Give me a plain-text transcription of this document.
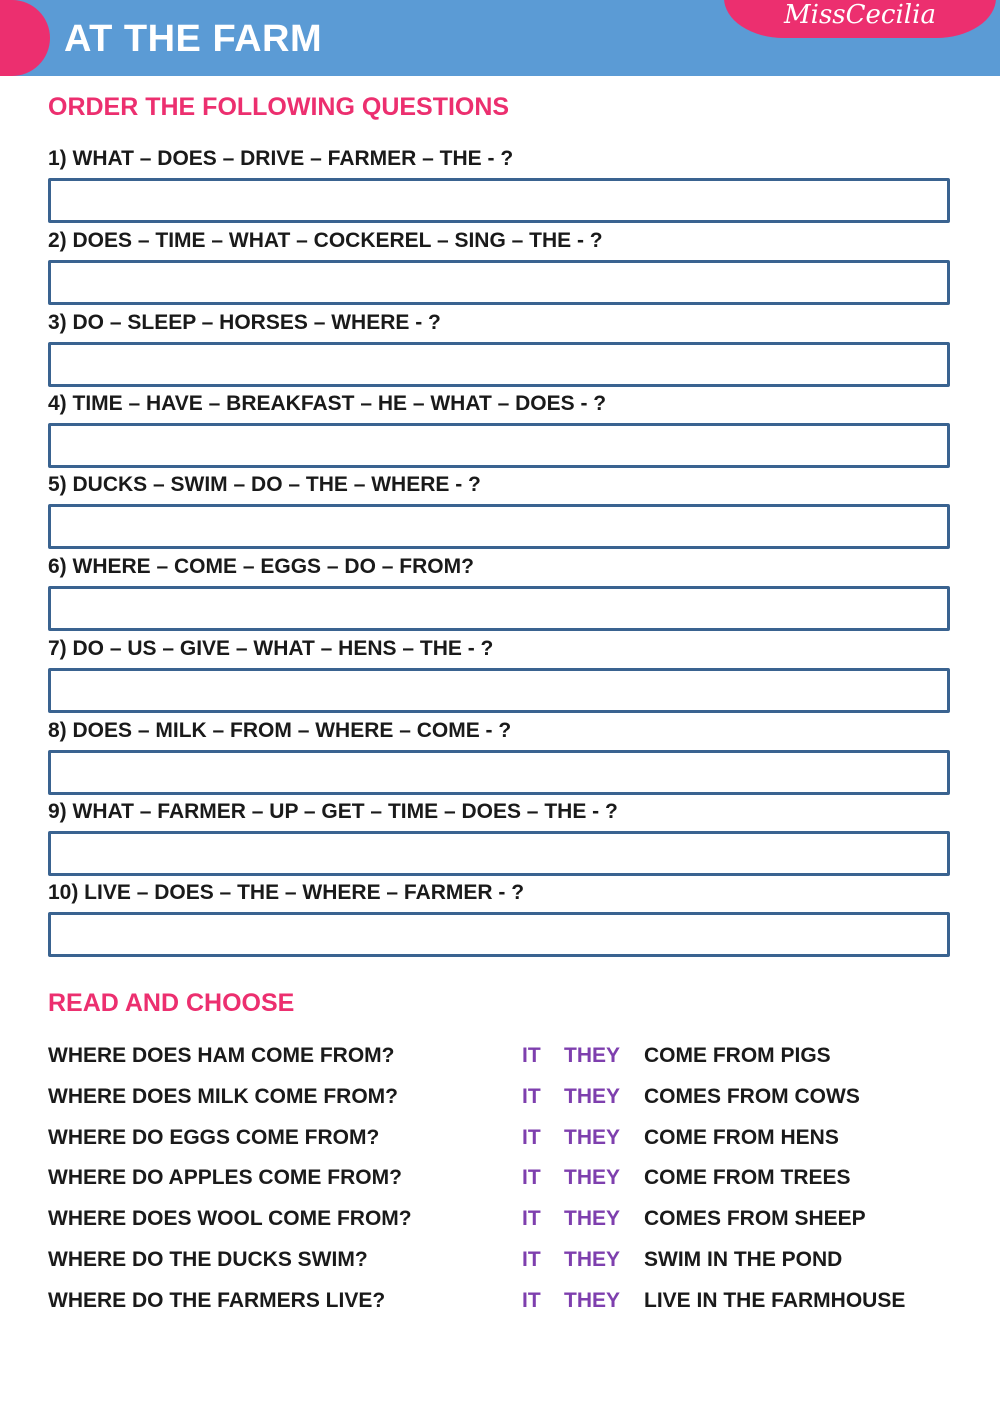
AT THE FARM
MissCecilia
ORDER THE FOLLOWING QUESTIONS
1) WHAT – DOES – DRIVE – FARMER – THE - ?
2) DOES – TIME – WHAT – COCKEREL – SING – THE - ?
3) DO – SLEEP – HORSES – WHERE - ?
4) TIME – HAVE – BREAKFAST – HE – WHAT – DOES - ?
5) DUCKS – SWIM – DO – THE – WHERE - ?
6) WHERE – COME – EGGS – DO – FROM?
7) DO – US – GIVE – WHAT – HENS – THE - ?
8) DOES – MILK – FROM – WHERE – COME - ?
9) WHAT – FARMER – UP – GET – TIME – DOES – THE - ?
10) LIVE – DOES – THE – WHERE – FARMER - ?
READ AND CHOOSE
WHERE DOES HAM COME FROM?	IT THEY COME FROM PIGS
WHERE DOES MILK COME FROM?	IT THEY COMES FROM COWS
WHERE DO EGGS COME FROM?	IT THEY COME FROM HENS
WHERE DO APPLES COME FROM?	IT THEY COME FROM TREES
WHERE DOES WOOL COME FROM?	IT THEY COMES FROM SHEEP
WHERE DO THE DUCKS SWIM?	IT THEY SWIM IN THE POND
WHERE DO THE FARMERS LIVE?	IT THEY LIVE IN THE FARMHOUSE
